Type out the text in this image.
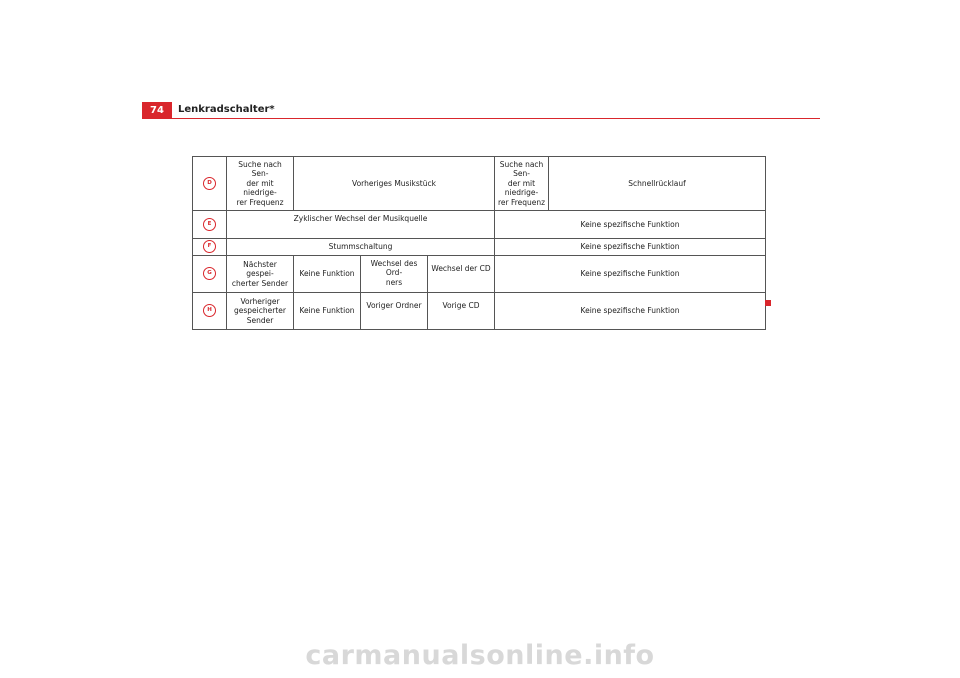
74	Lenkradschalter*
D	Suche nach Sen-
der mit niedrige-
rer Frequenz	Vorheriges Musikstück			Suche nach Sen-
der mit niedrige-
rer Frequenz	Schnellrücklauf
E	Zyklischer Wechsel der Musikquelle				Keine spezifische Funktion	
F	Stummschaltung				Keine spezifische Funktion	
G	Nächster gespei-
cherter Sender	Keine Funktion	Wechsel des Ord-
ners	Wechsel der CD	Keine spezifische Funktion	
H	Vorheriger
gespeicherter
Sender	Keine Funktion	Voriger Ordner	Vorige CD	Keine spezifische Funktion	
carmanualsonline.info
